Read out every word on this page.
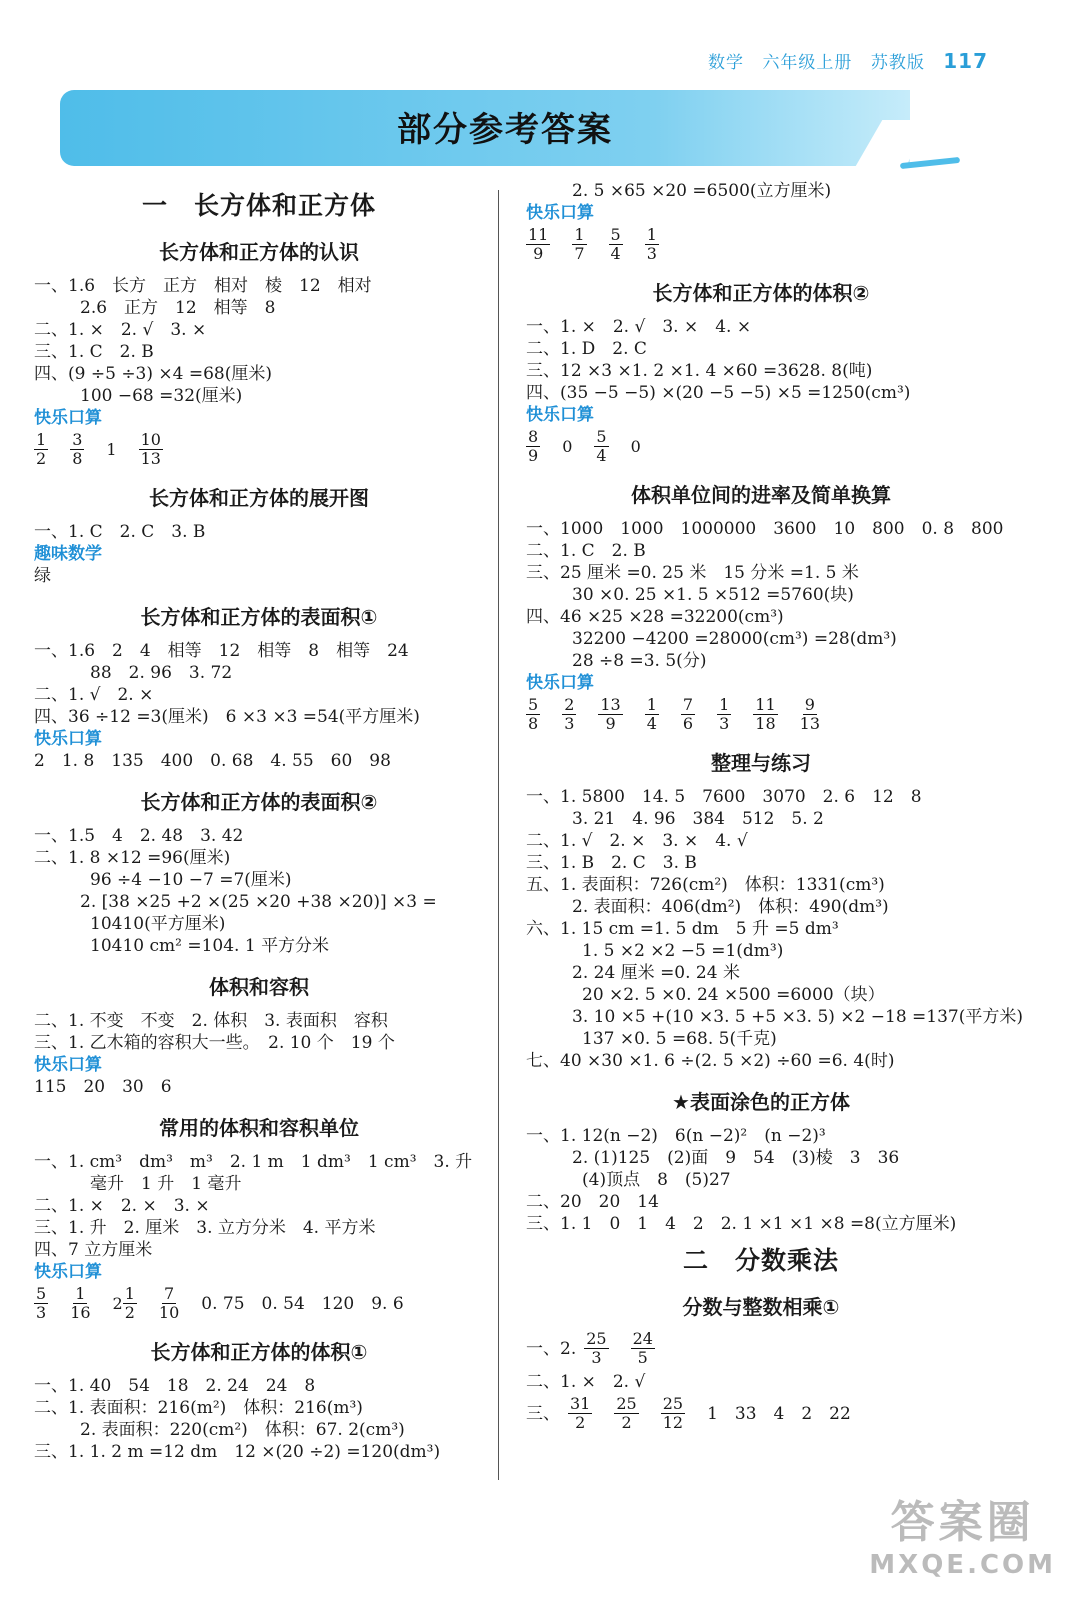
数学 六年级上册 苏教版 117
部分参考答案
一　长方体和正方体
长方体和正方体的认识
一、1.6　长方　正方　相对　棱　12　相对
2.6　正方　12　相等　8
二、1. ×　2. √　3. ×
三、1. C　2. B
四、(9 ÷5 ÷3) ×4 =68(厘米)
100 −68 =32(厘米)
快乐口算
$\frac{1}{2} \frac{3}{8} 1 \frac{10}{13}$
长方体和正方体的展开图
一、1. C　2. C　3. B
趣味数学
绿
长方体和正方体的表面积①
一、1.6　2　4　相等　12　相等　8　相等　24
88　2. 96　3. 72
二、1. √　2. ×
四、36 ÷12 =3(厘米)　6 ×3 ×3 =54(平方厘米)
快乐口算
2　1. 8　135　400　0. 68　4. 55　60　98
长方体和正方体的表面积②
一、1.5　4　2. 48　3. 42
二、1. 8 ×12 =96(厘米)
96 ÷4 −10 −7 =7(厘米)
2. [38 ×25 +2 ×(25 ×20 +38 ×20)] ×3 =
10410(平方厘米)
10410 cm² =104. 1 平方分米
体积和容积
二、1. 不变　不变　2. 体积　3. 表面积　容积
三、1. 乙木箱的容积大一些。　2. 10 个　19 个
快乐口算
115　20　30　6
常用的体积和容积单位
一、1. cm³　dm³　m³　2. 1 m　1 dm³　1 cm³　3. 升
毫升　1 升　1 毫升
二、1. ×　2. ×　3. ×
三、1. 升　2. 厘米　3. 立方分米　4. 平方米
四、7 立方厘米
快乐口算
$\frac{5}{3} \frac{1}{16} 2 \frac{1}{2} \frac{7}{10} 0$. 75　0. 54　120　9. 6
长方体和正方体的体积①
一、1. 40　54　18　2. 24　24　8
二、1. 表面积：216(m²)　体积：216(m³)
2. 表面积：220(cm²)　体积：67. 2(cm³)
三、1. 1. 2 m =12 dm　12 ×(20 ÷2) =120(dm³)
2. 5 ×65 ×20 =6500(立方厘米)
快乐口算
$\frac{11}{9} \frac{1}{7} \frac{5}{4} \frac{1}{3}$
长方体和正方体的体积②
一、1. ×　2. √　3. ×　4. ×
二、1. D　2. C
三、12 ×3 ×1. 2 ×1. 4 ×60 =3628. 8(吨)
四、(35 −5 −5) ×(20 −5 −5) ×5 =1250(cm³)
快乐口算
$\frac{8}{9} 0 \frac{5}{4} 0$
体积单位间的进率及简单换算
一、1000　1000　1000000　3600　10　800　0. 8　800
二、1. C　2. B
三、25 厘米 =0. 25 米　15 分米 =1. 5 米
30 ×0. 25 ×1. 5 ×512 =5760(块)
四、46 ×25 ×28 =32200(cm³)
32200 −4200 =28000(cm³) =28(dm³)
28 ÷8 =3. 5(分)
快乐口算
$\frac{5}{8} \frac{2}{3} \frac{13}{9} \frac{1}{4} \frac{7}{6} \frac{1}{3} \frac{11}{18} \frac{9}{13}$
整理与练习
一、1. 5800　14. 5　7600　3070　2. 6　12　8
3. 21　4. 96　384　512　5. 2
二、1. √　2. ×　3. ×　4. √
三、1. B　2. C　3. B
五、1. 表面积：726(cm²)　体积：1331(cm³)
2. 表面积：406(dm²)　体积：490(dm³)
六、1. 15 cm =1. 5 dm　5 升 =5 dm³
1. 5 ×2 ×2 −5 =1(dm³)
2. 24 厘米 =0. 24 米
20 ×2. 5 ×0. 24 ×500 =6000（块）
3. 10 ×5 +(10 ×3. 5 +5 ×3. 5) ×2 −18 =137(平方米)
137 ×0. 5 =68. 5(千克)
七、40 ×30 ×1. 6 ÷(2. 5 ×2) ÷60 =6. 4(时)
★表面涂色的正方体
一、1. 12(n −2)　6(n −2)²　(n −2)³
2. (1)125　(2)面　9　54　(3)棱　3　36
(4)顶点　8　(5)27
二、20　20　14
三、1. 1　0　1　4　2　2. 1 ×1 ×1 ×8 =8(立方厘米)
二　分数乘法
分数与整数相乘①
一、2. $\frac{25}{3} \frac{24}{5}$
二、1. ×　2. √
三、 $\frac{31}{2} \frac{25}{2} \frac{25}{12} 1$　33　4　2　22
答案圈
MXQE.COM
